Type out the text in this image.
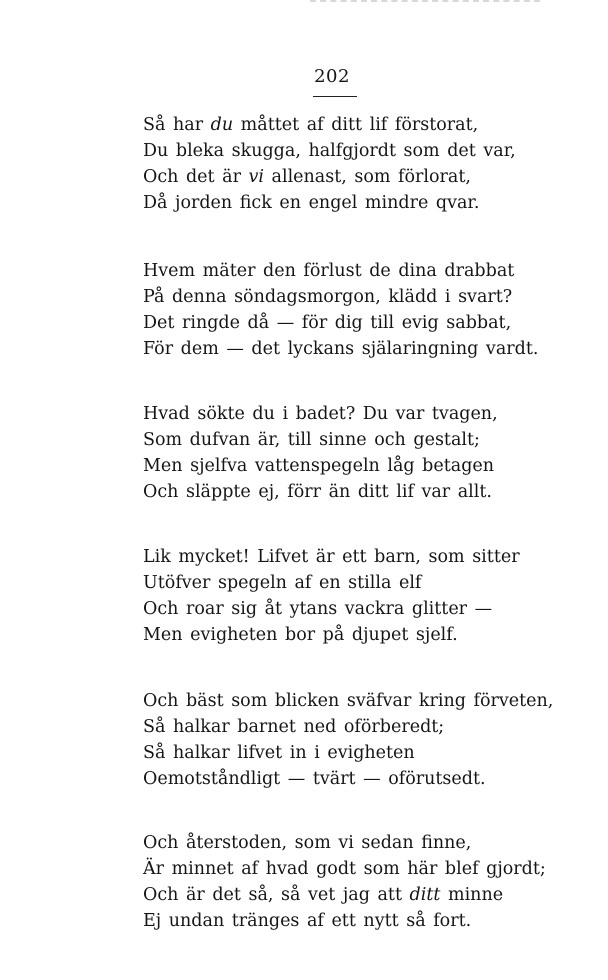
202
Så har du måttet af ditt lif förstorat,
Du bleka skugga, halfgjordt som det var,
Och det är vi allenast, som förlorat,
Då jorden fick en engel mindre qvar.
Hvem mäter den förlust de dina drabbat
På denna söndagsmorgon, klädd i svart?
Det ringde då — för dig till evig sabbat,
För dem — det lyckans själaringning vardt.
Hvad sökte du i badet? Du var tvagen,
Som dufvan är, till sinne och gestalt;
Men sjelfva vattenspegeln låg betagen
Och släppte ej, förr än ditt lif var allt.
Lik mycket! Lifvet är ett barn, som sitter
Utöfver spegeln af en stilla elf
Och roar sig åt ytans vackra glitter —
Men evigheten bor på djupet sjelf.
Och bäst som blicken sväfvar kring förveten,
Så halkar barnet ned oförberedt;
Så halkar lifvet in i evigheten
Oemotståndligt — tvärt — oförutsedt.
Och återstoden, som vi sedan finne,
Är minnet af hvad godt som här blef gjordt;
Och är det så, så vet jag att ditt minne
Ej undan tränges af ett nytt så fort.
